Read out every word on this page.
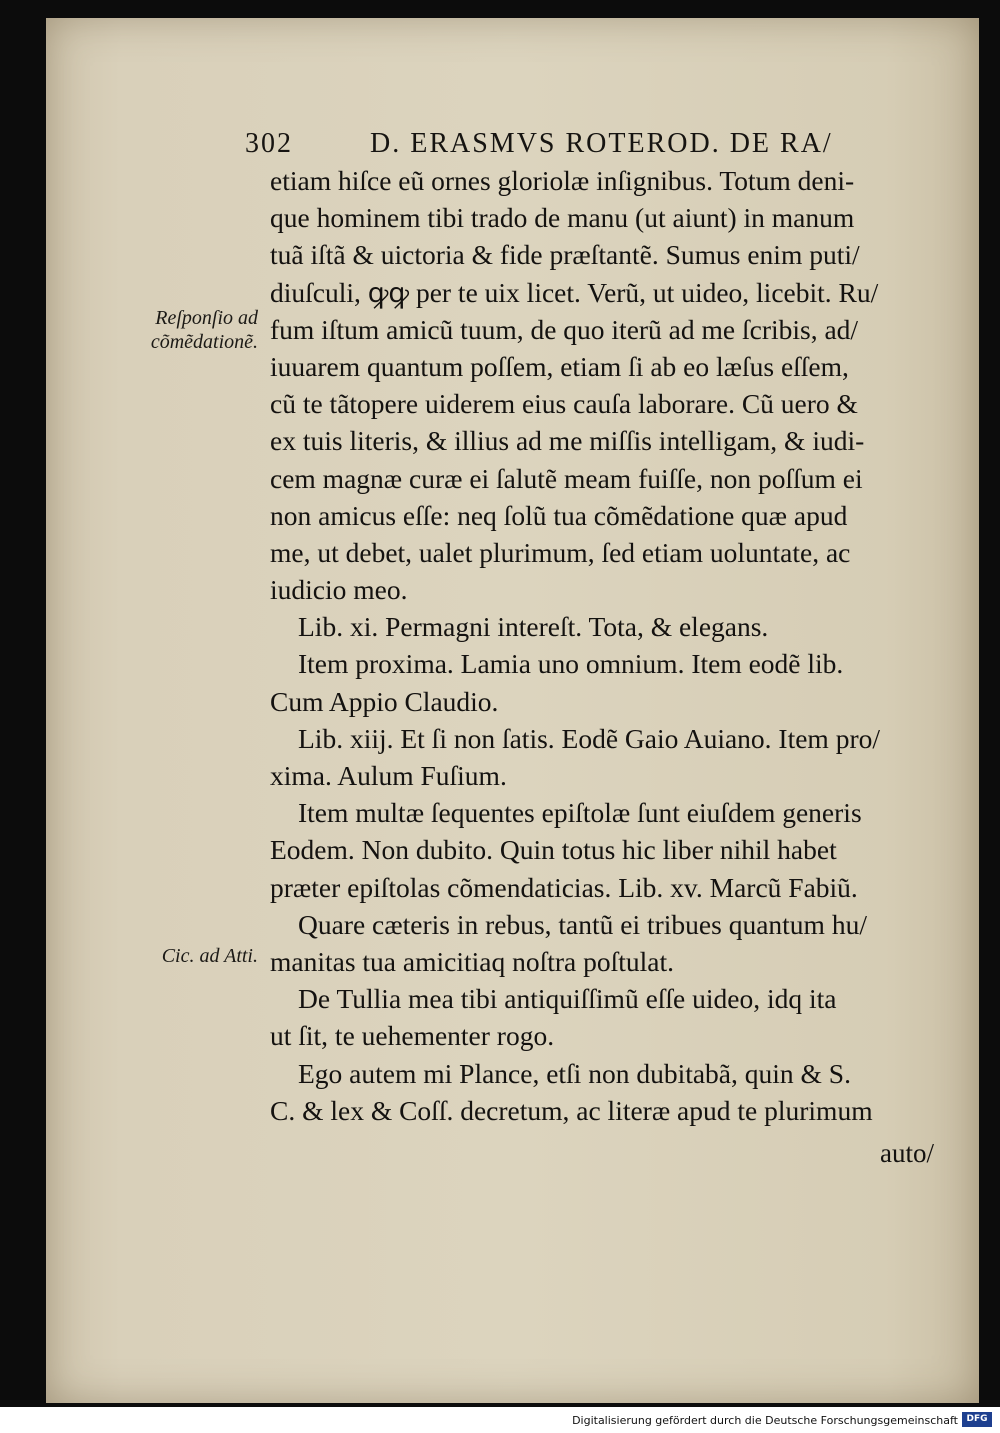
302	D. ERASMVS ROTEROD. DE RA/
Reſponſio ad cõmẽdationẽ.
Cic. ad Atti.
etiam hiſce eũ ornes gloriolæ inſignibus. Totum deni-
que hominem tibi trado de manu (ut aiunt) in manum
tuã iſtã & uictoria & fide præſtantẽ. Sumus enim puti/
diuſculi, ꝙꝙ per te uix licet. Verũ, ut uideo, licebit. Ru/
fum iſtum amicũ tuum, de quo iterũ ad me ſcribis, ad/
iuuarem quantum poſſem, etiam ſi ab eo læſus eſſem,
cũ te tãtopere uiderem eius cauſa laborare. Cũ uero &
ex tuis literis, & illius ad me miſſis intelligam, & iudi-
cem magnæ curæ ei ſalutẽ meam fuiſſe, non poſſum ei
non amicus eſſe: neq ſolũ tua cõmẽdatione quæ apud
me, ut debet, ualet plurimum, ſed etiam uoluntate, ac
iudicio meo.
Lib. xi. Permagni intereſt. Tota, & elegans.
Item proxima. Lamia uno omnium. Item eodẽ lib.
Cum Appio Claudio.
Lib. xiij. Et ſi non ſatis. Eodẽ Gaio Auiano. Item pro/
xima. Aulum Fuſium.
Item multæ ſequentes epiſtolæ ſunt eiuſdem generis
Eodem. Non dubito. Quin totus hic liber nihil habet
præter epiſtolas cõmendaticias. Lib. xv. Marcũ Fabiũ.
Quare cæteris in rebus, tantũ ei tribues quantum hu/
manitas tua amicitiaq noſtra poſtulat.
De Tullia mea tibi antiquiſſimũ eſſe uideo, idq ita
ut ſit, te uehementer rogo.
Ego autem mi Plance, etſi non dubitabã, quin & S.
C. & lex & Coſſ. decretum, ac literæ apud te plurimum
auto/
Digitalisierung gefördert durch die Deutsche Forschungsgemeinschaft DFG
